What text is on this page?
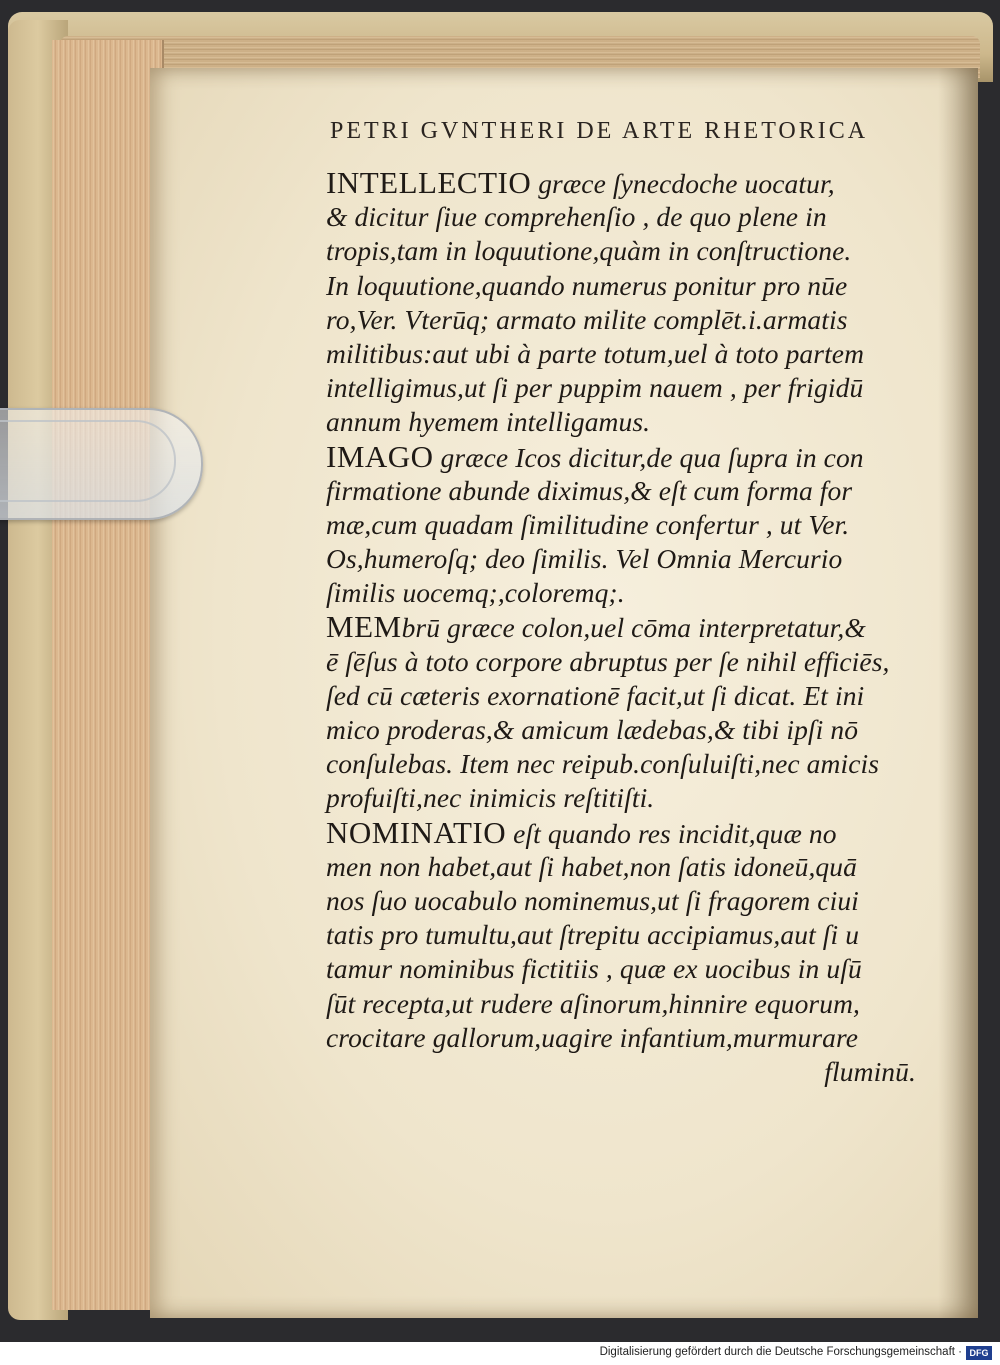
PETRI GVNTHERI DE ARTE RHETORICA
INTELLECTIO græce ſynecdoche uocatur,
& dicitur ſiue comprehenſio , de quo plene in
tropis,tam in loquutione,quàm in conſtructione.
In loquutione,quando numerus ponitur pro nūe
ro,Ver. Vterūq; armato milite complēt.i.armatis
militibus:aut ubi à parte totum,uel à toto partem
intelligimus,ut ſi per puppim nauem , per frigidū
annum hyemem intelligamus.
IMAGO græce Icos dicitur,de qua ſupra in con
firmatione abunde diximus,& eſt cum forma for
mæ,cum quadam ſimilitudine confertur , ut Ver.
Os,humeroſq; deo ſimilis. Vel Omnia Mercurio
ſimilis uocemq;,coloremq;.
MEMbrū græce colon,uel cōma interpretatur,&
ē ſēſus à toto corpore abruptus per ſe nihil efficiēs,
ſed cū cæteris exornationē facit,ut ſi dicat. Et ini
mico proderas,& amicum lædebas,& tibi ipſi nō
conſulebas. Item nec reipub.conſuluiſti,nec amicis
profuiſti,nec inimicis reſtitiſti.
NOMINATIO eſt quando res incidit,quæ no
men non habet,aut ſi habet,non ſatis idoneū,quā
nos ſuo uocabulo nominemus,ut ſi fragorem ciui
tatis pro tumultu,aut ſtrepitu accipiamus,aut ſi u
tamur nominibus fictitiis , quæ ex uocibus in uſū
ſūt recepta,ut rudere aſinorum,hinnire equorum,
crocitare gallorum,uagire infantium,murmurare
fluminū.
Digitalisierung gefördert durch die Deutsche Forschungsgemeinschaft · DFG
